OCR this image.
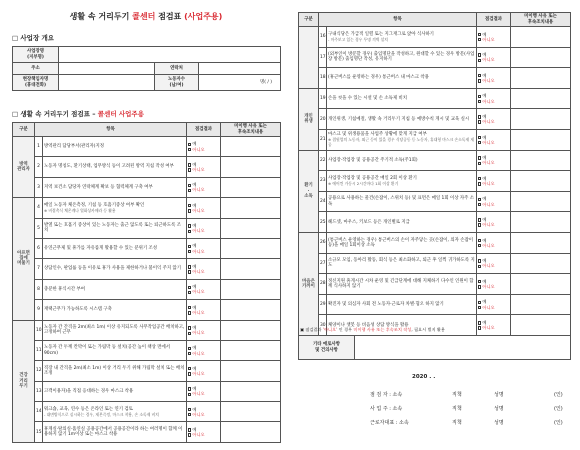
생활 속 거리두기 콜센터 점검표 (사업주용)
□ 사업장 개요
사업장명
(지부명)			
주소		연락처	
현장책임자명
(휴대전화)		노동자수
(남/여)	명( / )
□ 생활 속 거리두기 점검표 – 콜센터 사업주용
구분	항목		점검결과	미이행 사유 또는
후속조치내용
방역
관리자	1	방역관리 담당부서(관리자)지정	예
아니오	

	2	노동자 명칭도, 환기상태, 업무방식 등이 고려된 방역 지침 작성 여부	예
아니오	

	3	지역 보건소 담당자 연락체계 확보 등 협력체계 구축 여부	예
아니오	

아프면
집에
머물기	4	매일 노동자 체온측정, 기침 등 호흡기증상 여부 확인
※ 비접촉식 체온계나 열화상카메라 등 활용	예
아니오	

	5	발열 또는 호흡기 증상이 있는 노동자는 출근 않도록 또는 퇴근하도록 조치	예
아니오	

	6	유연근무제 및 휴가를 자유롭게 활용할 수 있는 분위기 조성	예
아니오	

	7	상담인수, 판업률 등을 이유로 휴가 사용을 제한하거나 불이익 주지 않기	예
아니오	

	8	충분한 휴식시간 부여	예
아니오	

	9	재택근무가 가능하도록 시스템 구축	예
아니오	

건강
거리
두기	10	노동자 간 간격을 2m(최소 1m) 이상 유지되도록 사무작업공간 배치하고, 고정하여 근무	예
아니오	

	11	노동자 간 두께 칸막이 또는 가림막 등 설치(공간 높이 책상 면에서 90cm)	예
아니오	

	12	직장 내 간격을 2m(최소 1m) 이상 거리 두기 위해 가림막 설치 또는 배치 조정	예
아니오	

	13	고객이용자)을 직접 응대하는 경우 마스크 착용	예
아니오	

	14	워크숍, 교육, 연수 등은 온라인 또는 연기 검토
- 대면방식으로 실시하는 경우, 제본즉정, 마스크 착용, 손 소독제 비치	예
아니오	

	15	휴게실·탈의실·흡연실 공용공간에서 공용공간이라 하는 여러명이 함께 이용하지 않기 1m이상 또는 마스크 착용	예
아니오	

구분	항목		점검결과	미이행 사유 또는
후속조치내용
	16	구내식당은 가급적 일렬 또는 지그재그로 앉아 식사하기
- 마주보고 있는 경우 투명 격벽 설치	예
아니오	

	17	(외부인이 방문할 경우) 출입명단을 작성하고, 원대할 수 있는 경우 방문(사업장 방문) 출입명단 작성, 유지하기	예
아니오	

	18	(휴근버스를 운영하는 경우) 통근버스 내 마스크 착용	예
아니오	

개인
위생	19	손을 씻을 수 있는 시설 및 손 소독제 비치	예
아니오	

	20	개인위생, 기침예절, 생활 속 거리두기 지침 등 예방수칙 게시 및 교육 실시	예
아니오	

	21	마스크 및 위생용품을 사업주 상황에 맞게 지급 여부
※ 접원업의 노동자, 외근 등이 있을 경우 식당공동 등 노동자, 휴대형 마스크 손소독제 제공	예
아니오	

환기
·
소독	22	사업장·작업장 및 공용공간 주기적 소독(주1회)	예
아니오	

	23	사업장·작업장 및 공용공간 매일 2회 이상 환기
※ 에어컨 가동시 2시간마다 1회 이상 환기	예
아니오	

	24	공용으로 사용하는 물건(손잡이, 스위치 등) 및 표면은 매일 1회 이상 자주 소독	예
아니오	

	25	헤드셋, 마우스, 키보드 등은 개인별로 지급	예
아니오	

마음은
가까이	26	(통근버스 운영하는 경우) 통근버스의 손이 자주닿는 곳(손잡이, 의자 손잡이 등)을 매일 1회이상 소독	예
아니오	

	27	소규모 모임, 동아리 활동, 회식 등은 최소화하고, 퇴근 후 일찍 귀가하도록 지도	예
아니오	

	28	정신지원 휴게시간 시차 운영 및 긴급단계에 대해 지체하기 다수인 인원이 함께 식사하지 않기	예
아니오	

	29	확진자 및 의심자 사회 전 노동자·근로자 차별·혐오 하지 않기	예
아니오	

	30	체양이나 챗봇 등 비음성 상담 방식을 활용	예
아니오	

▣ 점검결과 '아니오' 인 경우 미이행 사유 또는 후속조치 작성, 필요시 별지 활용
기타 애로사항
및 건의사항	
2020 . .
점 검 자 : 소속	직책	성명	(인)
사 업 주 : 소속	직책	성명	(인)
근로자대표 : 소속	직책	성명	(인)
